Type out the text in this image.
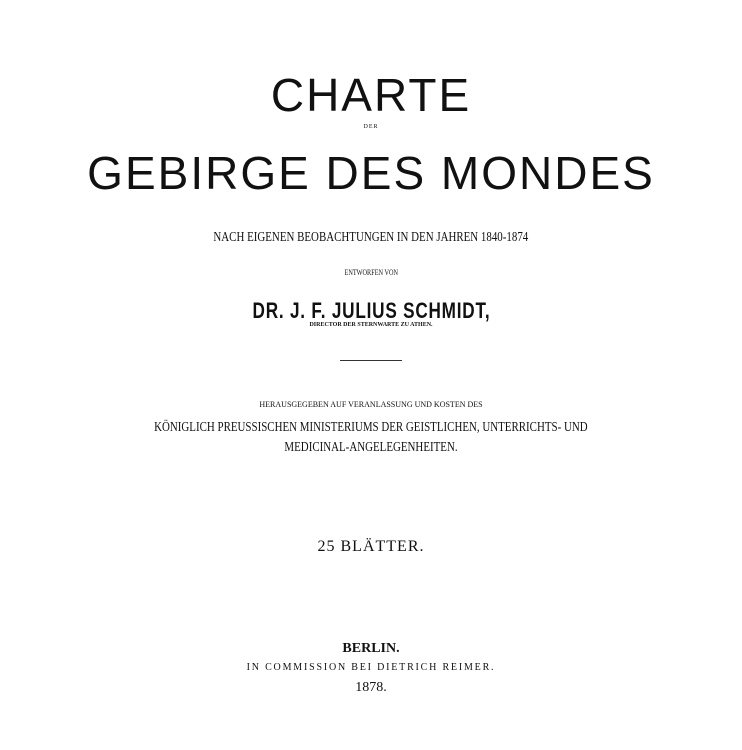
CHARTE
DER
GEBIRGE DES MONDES
NACH EIGENEN BEOBACHTUNGEN IN DEN JAHREN 1840-1874
ENTWORFEN VON
DR. J. F. JULIUS SCHMIDT,
DIRECTOR DER STERNWARTE ZU ATHEN.
HERAUSGEGEBEN AUF VERANLASSUNG UND KOSTEN DES
KÖNIGLICH PREUSSISCHEN MINISTERIUMS DER GEISTLICHEN, UNTERRICHTS- UND
MEDICINAL-ANGELEGENHEITEN.
25 BLÄTTER.
BERLIN.
IN COMMISSION BEI DIETRICH REIMER.
1878.
